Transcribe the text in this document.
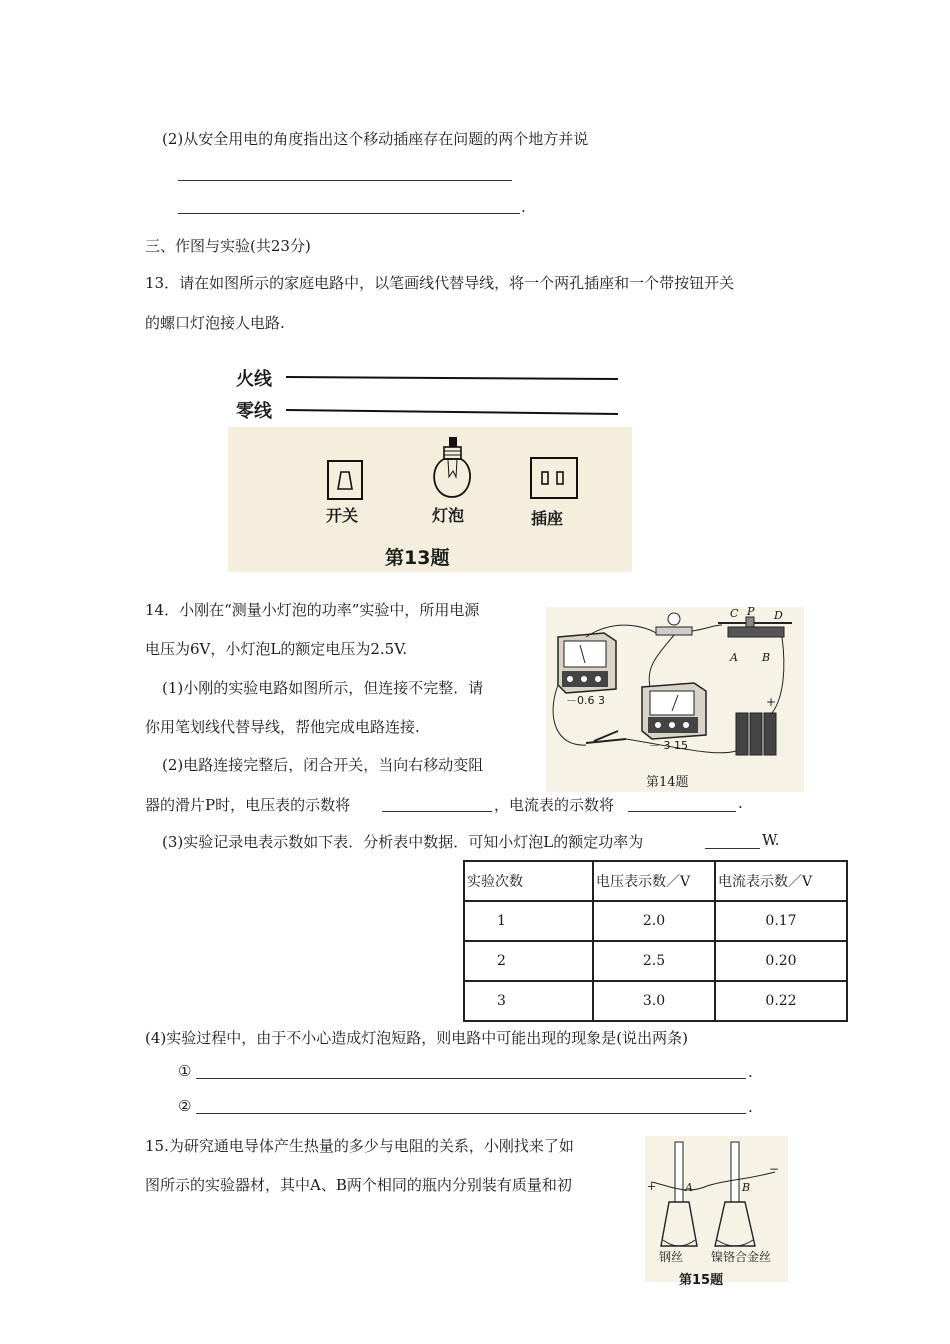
(2)从安全用电的角度指出这个移动插座存在问题的两个地方并说
.
三、作图与实验(共23分)
13．请在如图所示的家庭电路中，以笔画线代替导线，将一个两孔插座和一个带按钮开关
的螺口灯泡接人电路.
火线
零线
开关	灯泡	插座
第13题
14．小刚在“测量小灯泡的功率”实验中，所用电源
电压为6V，小灯泡L的额定电压为2.5V.
(1)小刚的实验电路如图所示，但连接不完整．请
你用笔划线代替导线，帮他完成电路连接.
(2)电路连接完整后，闭合开关，当向右移动变阻
器的滑片P时，电压表的示数将	，电流表的示数将	.
(3)实验记录电表示数如下表．分析表中数据．可知小灯泡L的额定功率为	W.
－0.6 3
－ 3 15
C P D
A B
+
第14题
实验次数	电压表示数／V	电流表示数／V
1	2.0	0.17
2	2.5	0.20
3	3.0	0.22
(4)实验过程中，由于不小心造成灯泡短路，则电路中可能出现的现象是(说出两条)
①	.
②	.
15.为研究通电导体产生热量的多少与电阻的关系，小刚找来了如
图所示的实验器材，其中A、B两个相同的瓶内分别装有质量和初	A	B
+
−
钢丝 镍铬合金丝
第15题
